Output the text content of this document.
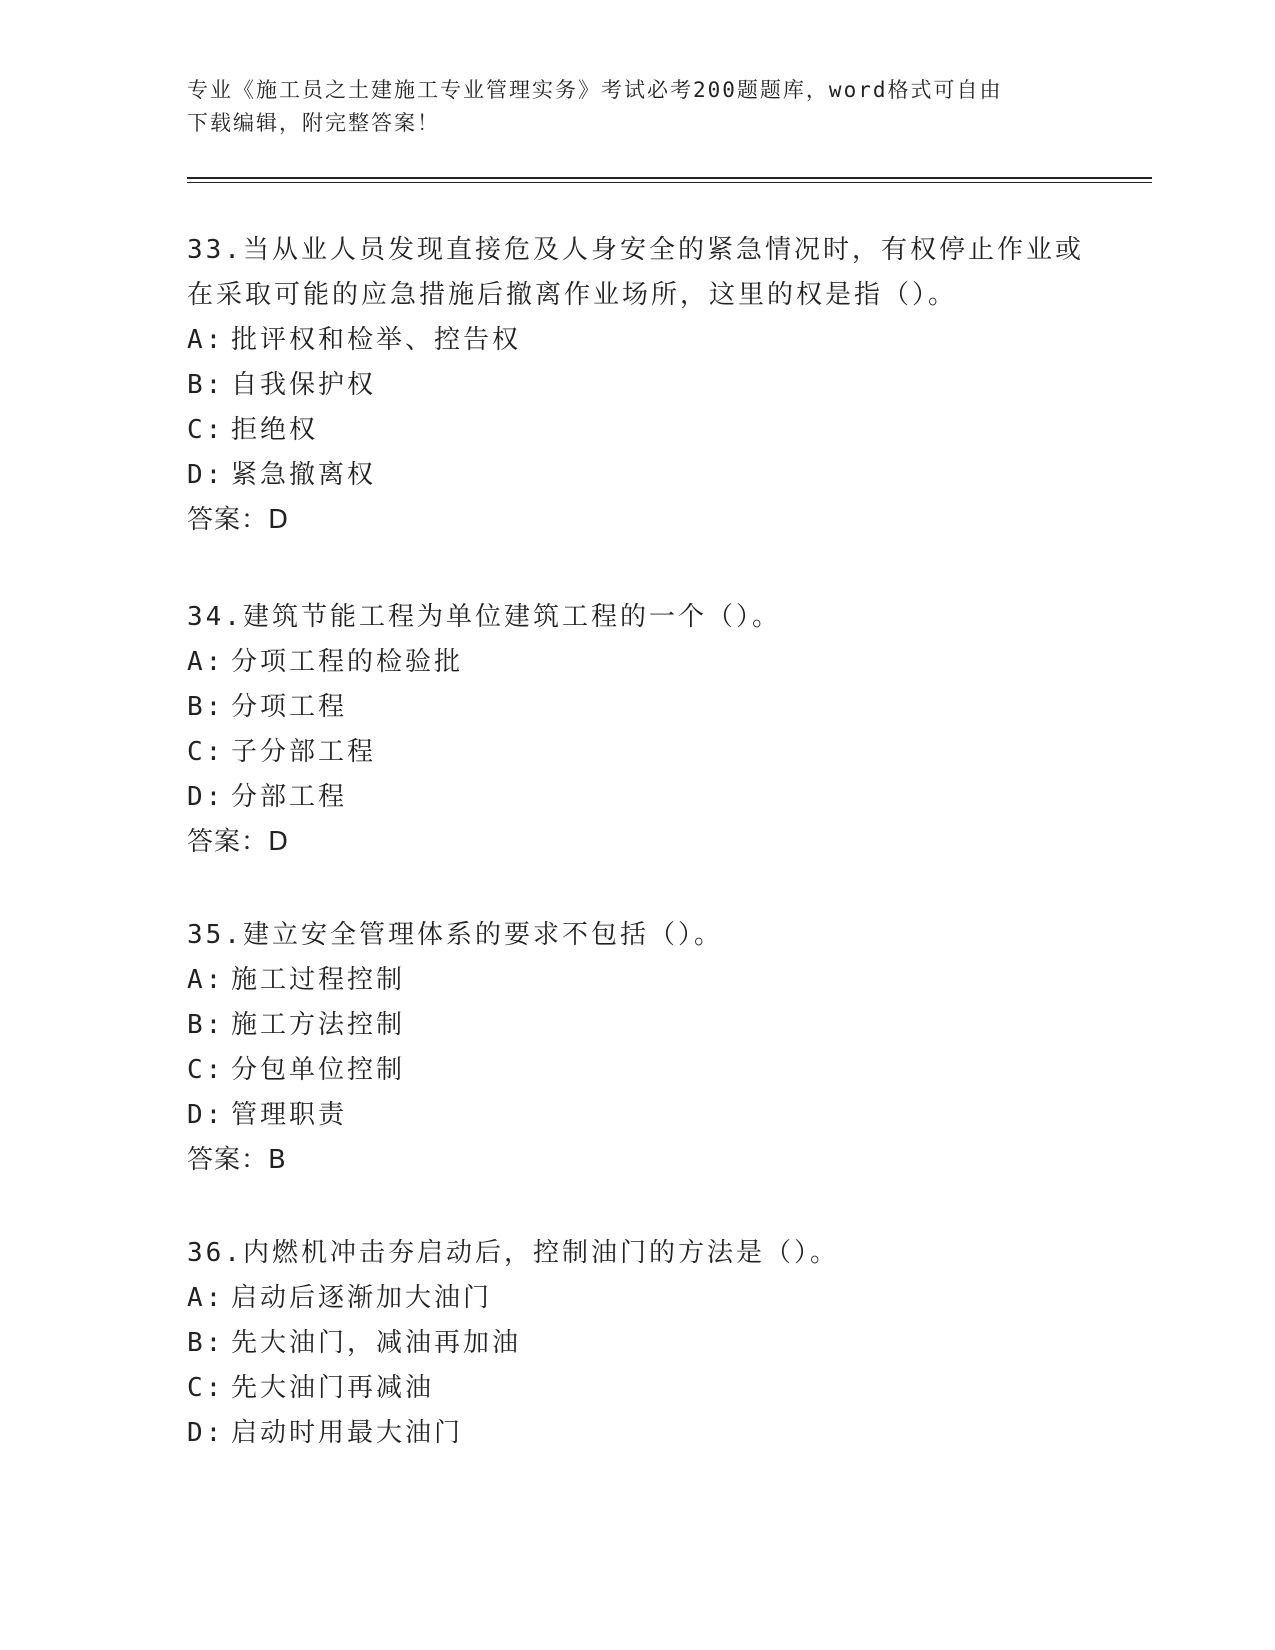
专业《施工员之土建施工专业管理实务》考试必考200题题库，word格式可自由
下载编辑，附完整答案！
33.当从业人员发现直接危及人身安全的紧急情况时，有权停止作业或
在采取可能的应急措施后撤离作业场所，这里的权是指（）。
A: 批评权和检举、控告权
B: 自我保护权
C: 拒绝权
D: 紧急撤离权
答案：D
34.建筑节能工程为单位建筑工程的一个（）。
A: 分项工程的检验批
B: 分项工程
C: 子分部工程
D: 分部工程
答案：D
35.建立安全管理体系的要求不包括（）。
A: 施工过程控制
B: 施工方法控制
C: 分包单位控制
D: 管理职责
答案：B
36.内燃机冲击夯启动后，控制油门的方法是（）。
A: 启动后逐渐加大油门
B: 先大油门，减油再加油
C: 先大油门再减油
D: 启动时用最大油门
